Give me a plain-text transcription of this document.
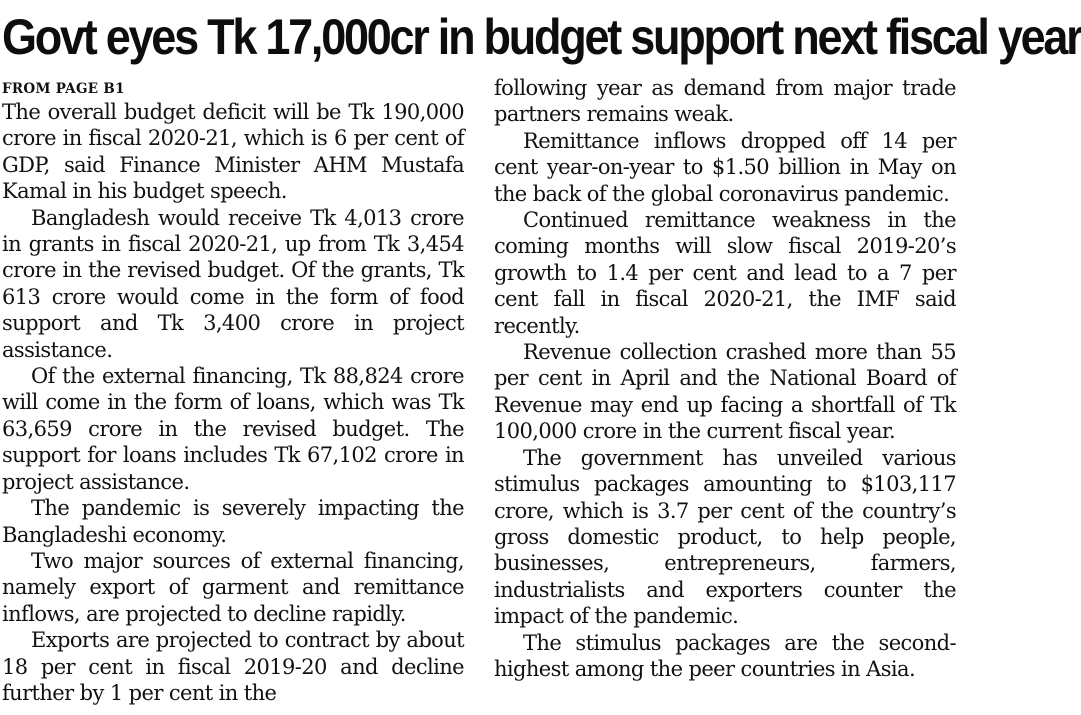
Govt eyes Tk 17,000cr in budget support next fiscal year

FROM PAGE B1

The overall budget deficit will be Tk 190,000 crore in fiscal 2020-21, which is 6 per cent of GDP, said Finance Minister AHM Mustafa Kamal in his budget speech.

Bangladesh would receive Tk 4,013 crore in grants in fiscal 2020-21, up from Tk 3,454 crore in the revised budget. Of the grants, Tk 613 crore would come in the form of food support and Tk 3,400 crore in project assistance.

Of the external financing, Tk 88,824 crore will come in the form of loans, which was Tk 63,659 crore in the revised budget. The support for loans includes Tk 67,102 crore in project assistance.

The pandemic is severely impacting the Bangladeshi economy.

Two major sources of external financing, namely export of garment and remittance inflows, are projected to decline rapidly.

Exports are projected to contract by about 18 per cent in fiscal 2019-20 and decline further by 1 per cent in the

following year as demand from major trade partners remains weak.

Remittance inflows dropped off 14 per cent year-on-year to $1.50 billion in May on the back of the global coronavirus pandemic.

Continued remittance weakness in the coming months will slow fiscal 2019-20’s growth to 1.4 per cent and lead to a 7 per cent fall in fiscal 2020-21, the IMF said recently.

Revenue collection crashed more than 55 per cent in April and the National Board of Revenue may end up facing a shortfall of Tk 100,000 crore in the current fiscal year.

The government has unveiled various stimulus packages amounting to $103,117 crore, which is 3.7 per cent of the country’s gross domestic product, to help people, businesses, entrepreneurs, farmers, industrialists and exporters counter the impact of the pandemic.

The stimulus packages are the second-highest among the peer countries in Asia.
